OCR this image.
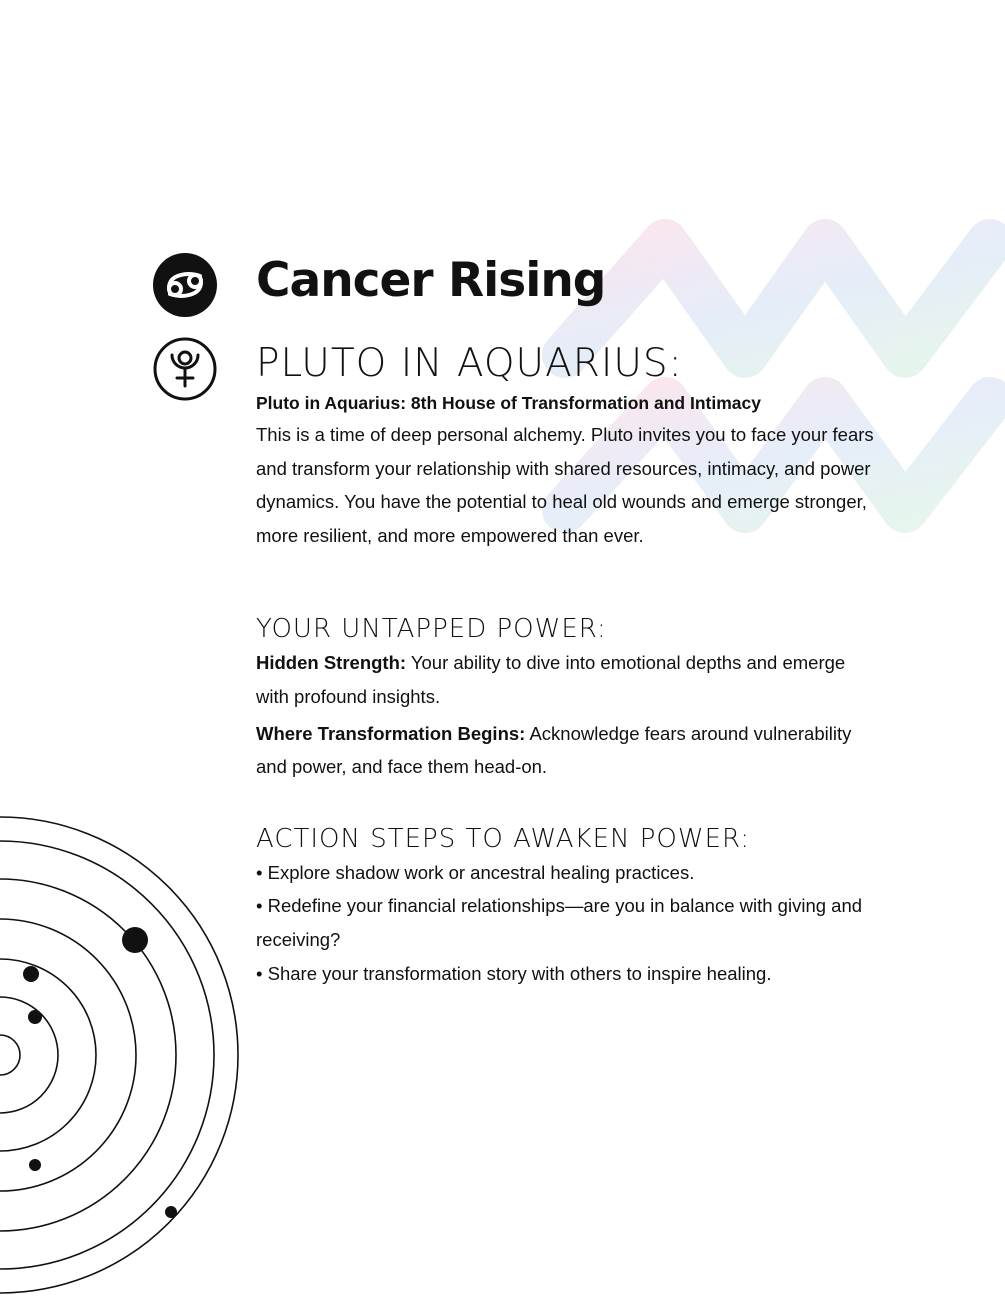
Cancer Rising
PLUTO IN AQUARIUS:

Pluto in Aquarius: 8th House of Transformation and Intimacy

This is a time of deep personal alchemy. Pluto invites you to face your fears and transform your relationship with shared resources, intimacy, and power dynamics. You have the potential to heal old wounds and emerge stronger, more resilient, and more empowered than ever.

YOUR UNTAPPED POWER:

Hidden Strength: Your ability to dive into emotional depths and emerge with profound insights.

Where Transformation Begins: Acknowledge fears around vulnerability and power, and face them head-on.

ACTION STEPS TO AWAKEN POWER:
• Explore shadow work or ancestral healing practices.
• Redefine your financial relationships—are you in balance with giving and receiving?
• Share your transformation story with others to inspire healing.
